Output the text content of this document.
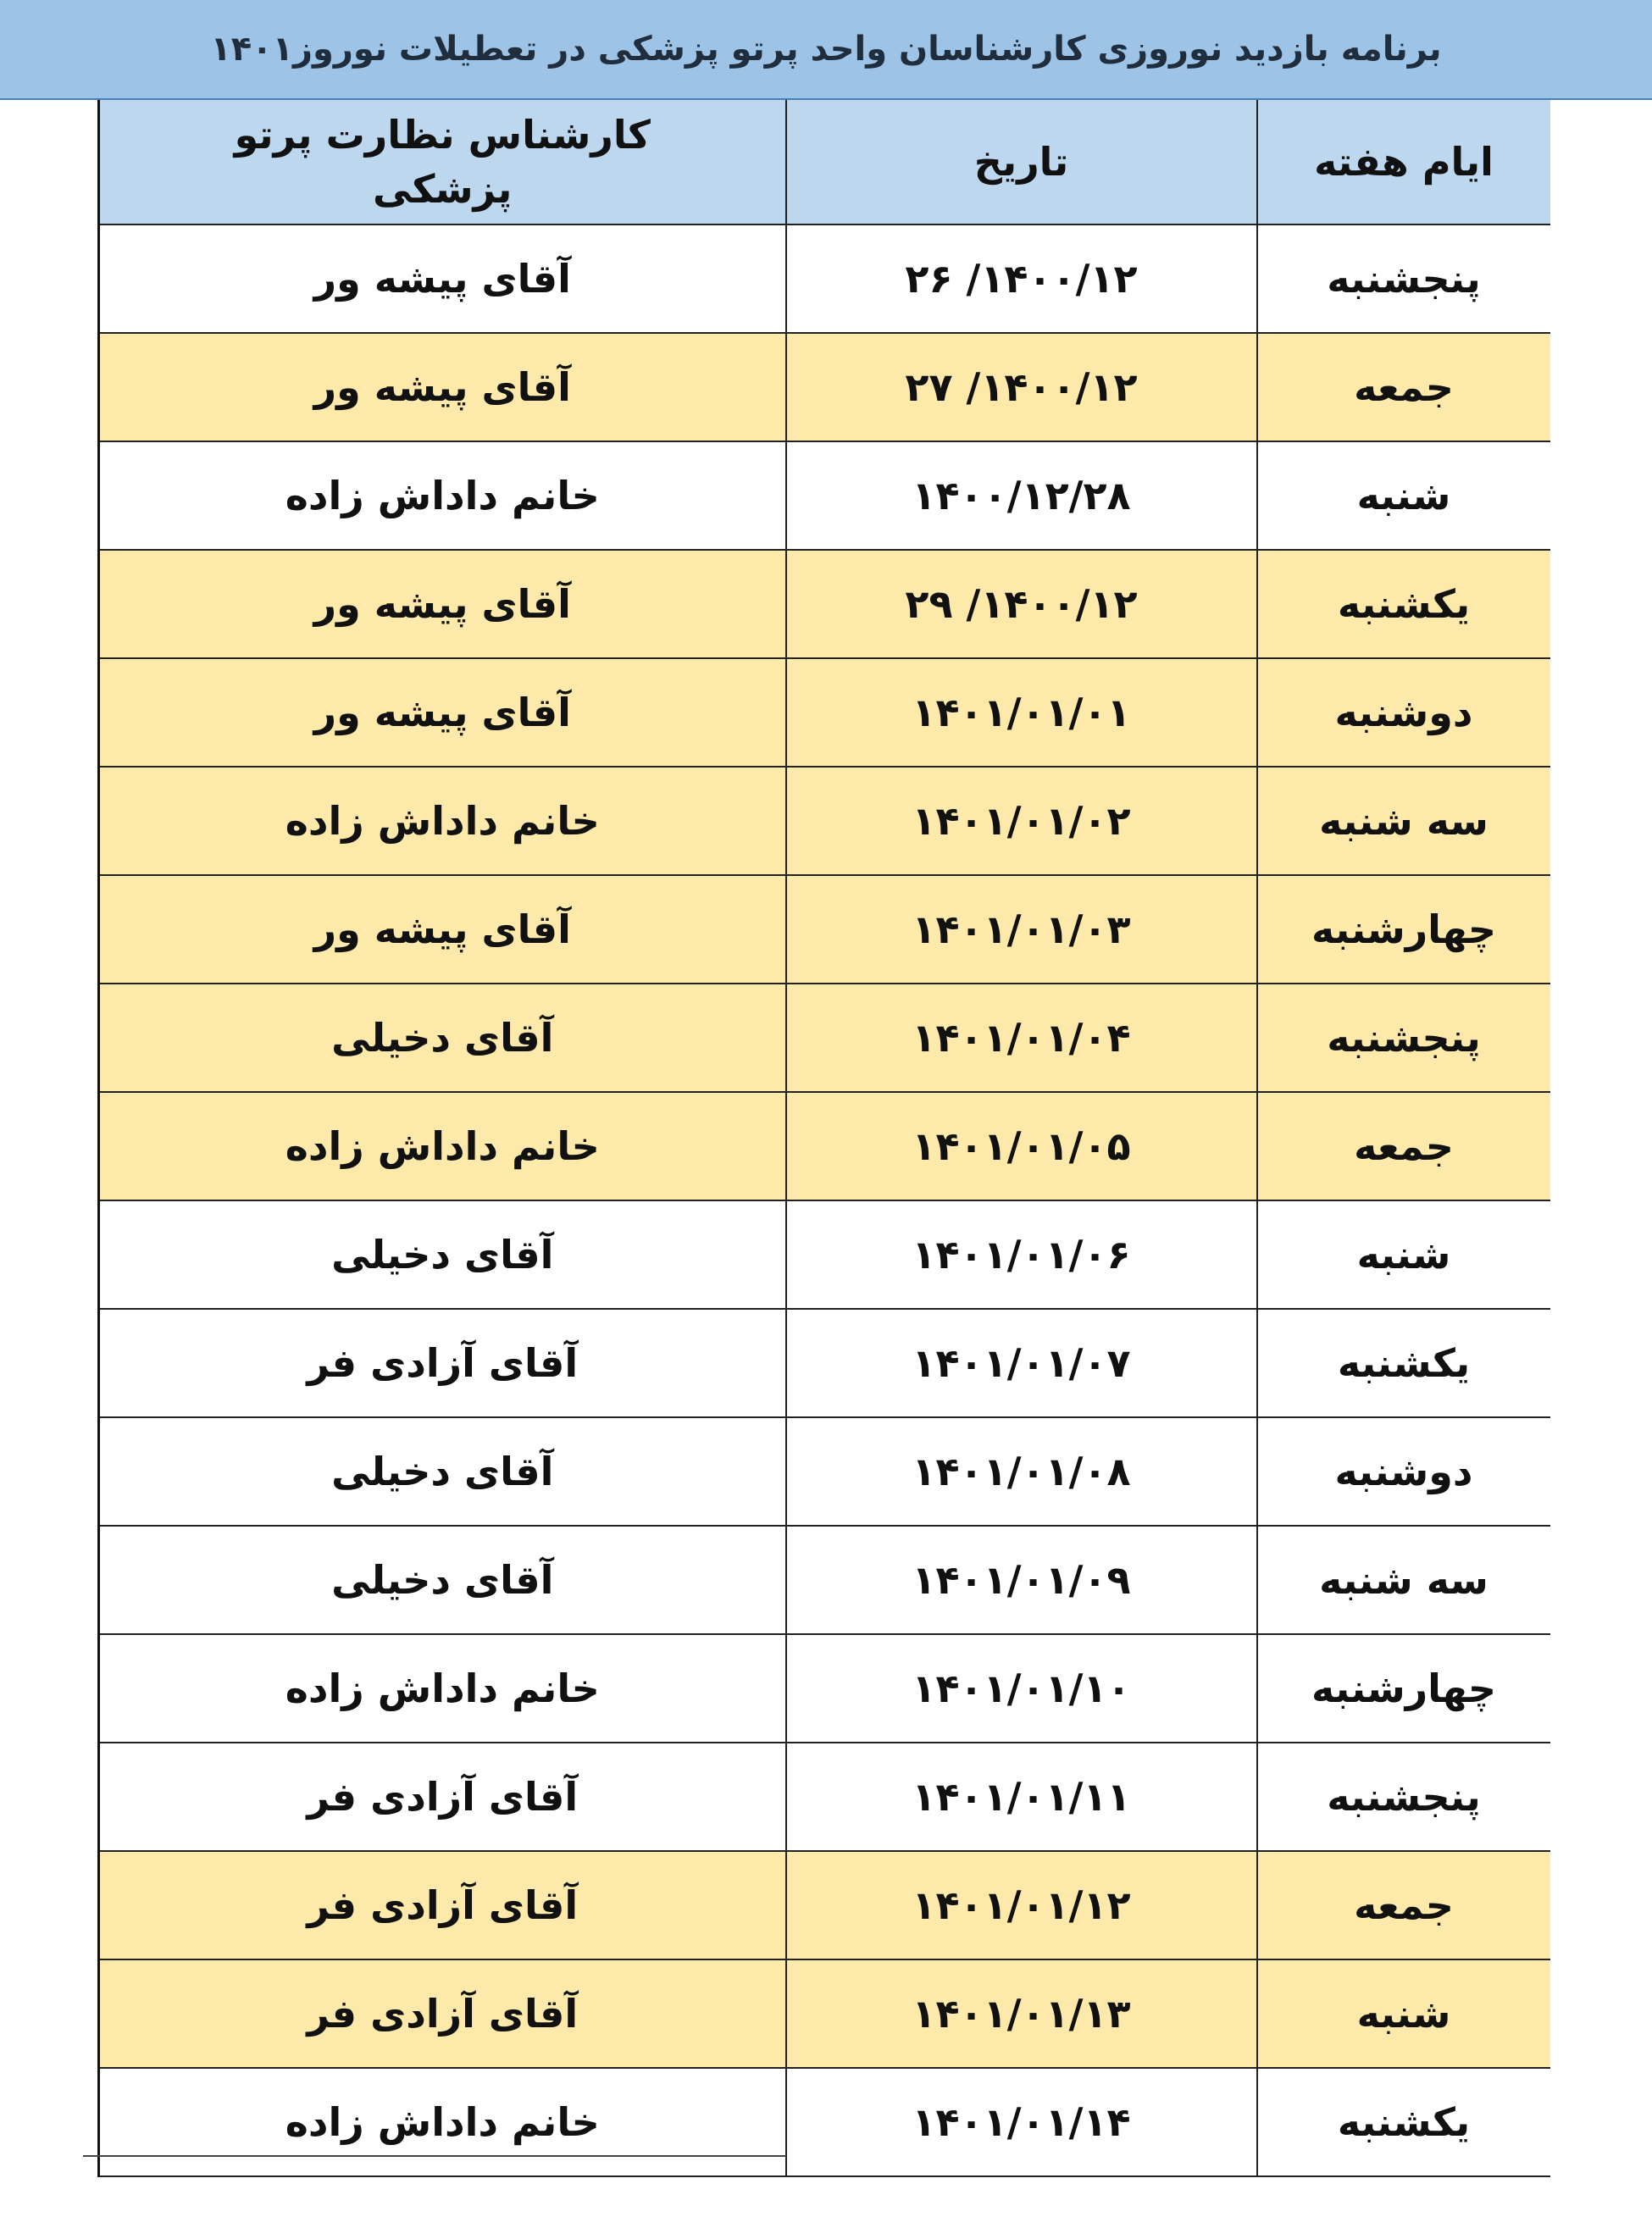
برنامه بازدید نوروزی کارشناسان واحد پرتو پزشکی در تعطیلات نوروز۱۴۰۱
ایام هفته	تاریخ	کارشناس نظارت پرتو پزشکی

پنجشنبه	۱۴۰۰/۱۲/ ۲۶	آقای پیشه ور
جمعه	۱۴۰۰/۱۲/ ۲۷	آقای پیشه ور
شنبه	۱۴۰۰/۱۲/۲۸	خانم داداش زاده
یکشنبه	۱۴۰۰/۱۲/ ۲۹	آقای پیشه ور
دوشنبه	۱۴۰۱/۰۱/۰۱	آقای پیشه ور
سه شنبه	۱۴۰۱/۰۱/۰۲	خانم داداش زاده
چهارشنبه	۱۴۰۱/۰۱/۰۳	آقای پیشه ور
پنجشنبه	۱۴۰۱/۰۱/۰۴	آقای دخیلی
جمعه	۱۴۰۱/۰۱/۰۵	خانم داداش زاده
شنبه	۱۴۰۱/۰۱/۰۶	آقای دخیلی
یکشنبه	۱۴۰۱/۰۱/۰۷	آقای آزادی فر
دوشنبه	۱۴۰۱/۰۱/۰۸	آقای دخیلی
سه شنبه	۱۴۰۱/۰۱/۰۹	آقای دخیلی
چهارشنبه	۱۴۰۱/۰۱/۱۰	خانم داداش زاده
پنجشنبه	۱۴۰۱/۰۱/۱۱	آقای آزادی فر
جمعه	۱۴۰۱/۰۱/۱۲	آقای آزادی فر
شنبه	۱۴۰۱/۰۱/۱۳	آقای آزادی فر
یکشنبه	۱۴۰۱/۰۱/۱۴	خانم داداش زاده
